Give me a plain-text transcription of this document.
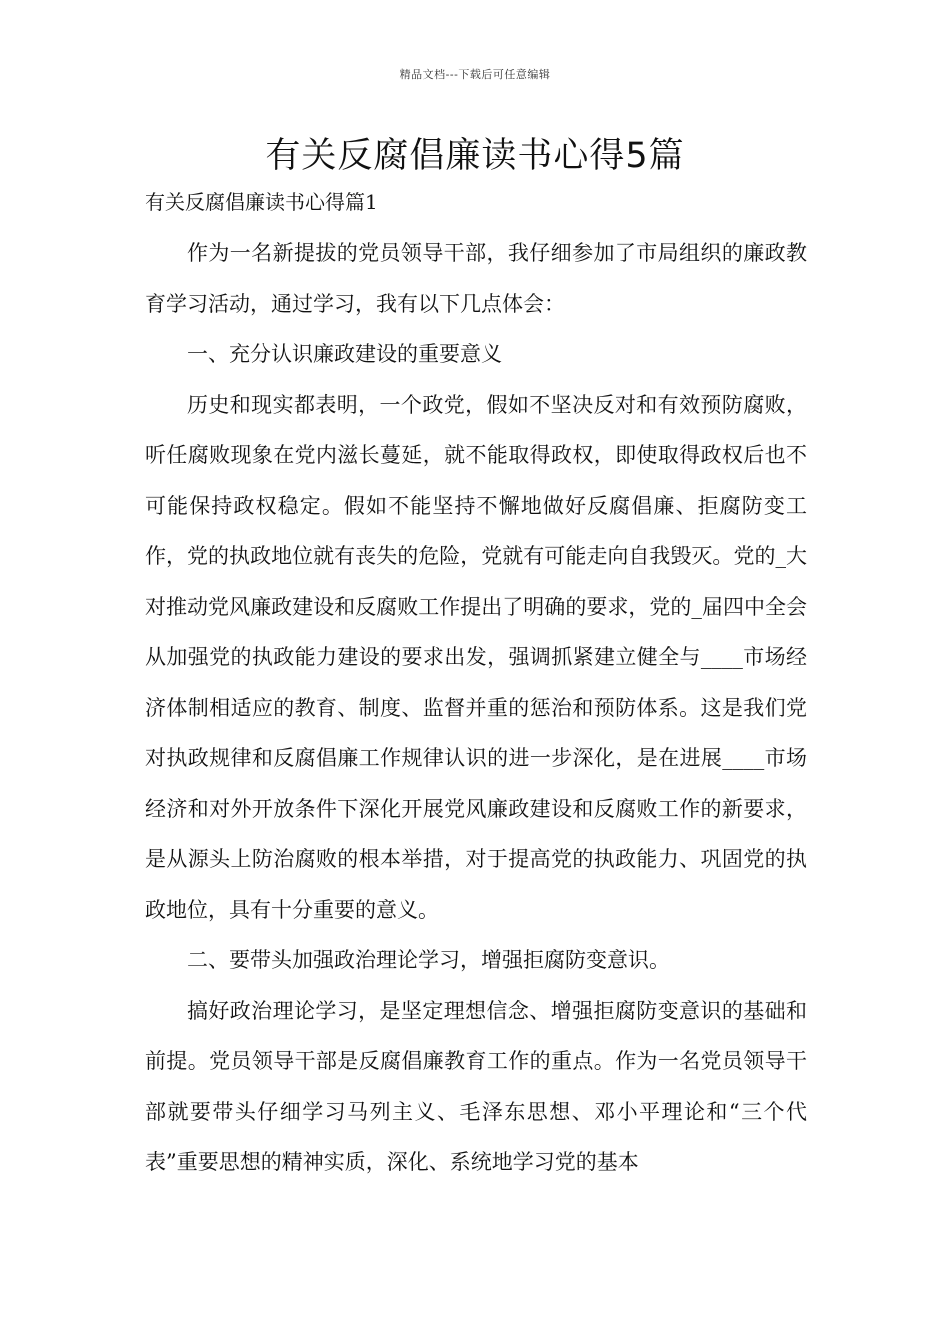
精品文档---下载后可任意编辑
有关反腐倡廉读书心得5篇

有关反腐倡廉读书心得篇1

作为一名新提拔的党员领导干部，我仔细参加了市局组织的廉政教育学习活动，通过学习，我有以下几点体会：

一、充分认识廉政建设的重要意义

历史和现实都表明，一个政党，假如不坚决反对和有效预防腐败，听任腐败现象在党内滋长蔓延，就不能取得政权，即使取得政权后也不可能保持政权稳定。假如不能坚持不懈地做好反腐倡廉、拒腐防变工作，党的执政地位就有丧失的危险，党就有可能走向自我毁灭。党的_大对推动党风廉政建设和反腐败工作提出了明确的要求，党的_届四中全会从加强党的执政能力建设的要求出发，强调抓紧建立健全与____市场经济体制相适应的教育、制度、监督并重的惩治和预防体系。这是我们党对执政规律和反腐倡廉工作规律认识的进一步深化，是在进展____市场经济和对外开放条件下深化开展党风廉政建设和反腐败工作的新要求，是从源头上防治腐败的根本举措，对于提高党的执政能力、巩固党的执政地位，具有十分重要的意义。

二、要带头加强政治理论学习，增强拒腐防变意识。

搞好政治理论学习，是坚定理想信念、增强拒腐防变意识的基础和前提。党员领导干部是反腐倡廉教育工作的重点。作为一名党员领导干部就要带头仔细学习马列主义、毛泽东思想、邓小平理论和“三个代表”重要思想的精神实质，深化、系统地学习党的基本
